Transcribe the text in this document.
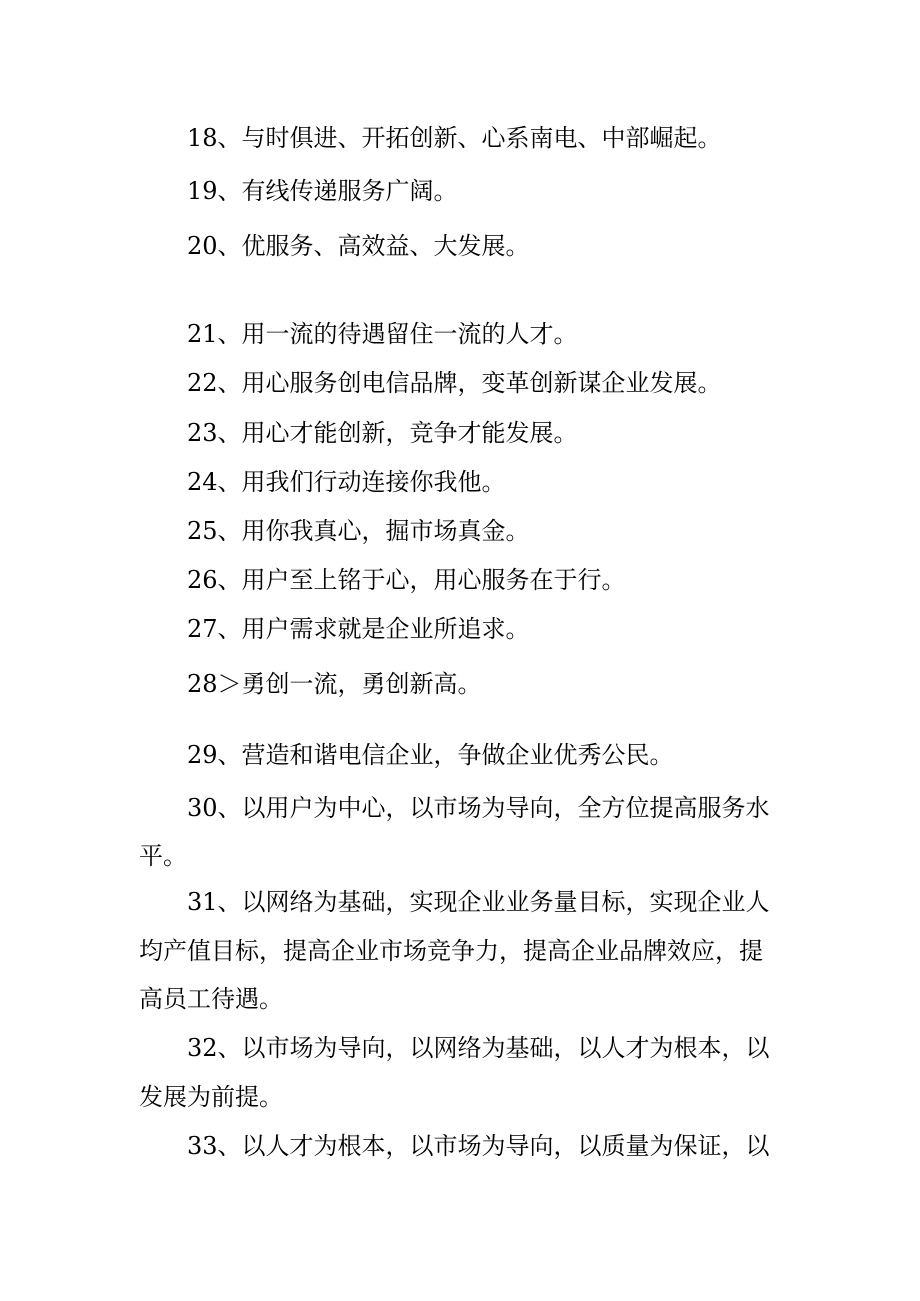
18、与时俱进、开拓创新、心系南电、中部崛起。
19、有线传递服务广阔。
20、优服务、高效益、大发展。
21、用一流的待遇留住一流的人才。
22、用心服务创电信品牌，变革创新谋企业发展。
23、用心才能创新，竞争才能发展。
24、用我们行动连接你我他。
25、用你我真心，掘市场真金。
26、用户至上铭于心，用心服务在于行。
27、用户需求就是企业所追求。
28＞勇创一流，勇创新高。
29、营造和谐电信企业，争做企业优秀公民。
30、以用户为中心，以市场为导向，全方位提高服务水
平。
31、以网络为基础，实现企业业务量目标，实现企业人
均产值目标，提高企业市场竞争力，提高企业品牌效应，提
高员工待遇。
32、以市场为导向，以网络为基础，以人才为根本，以
发展为前提。
33、以人才为根本，以市场为导向，以质量为保证，以
